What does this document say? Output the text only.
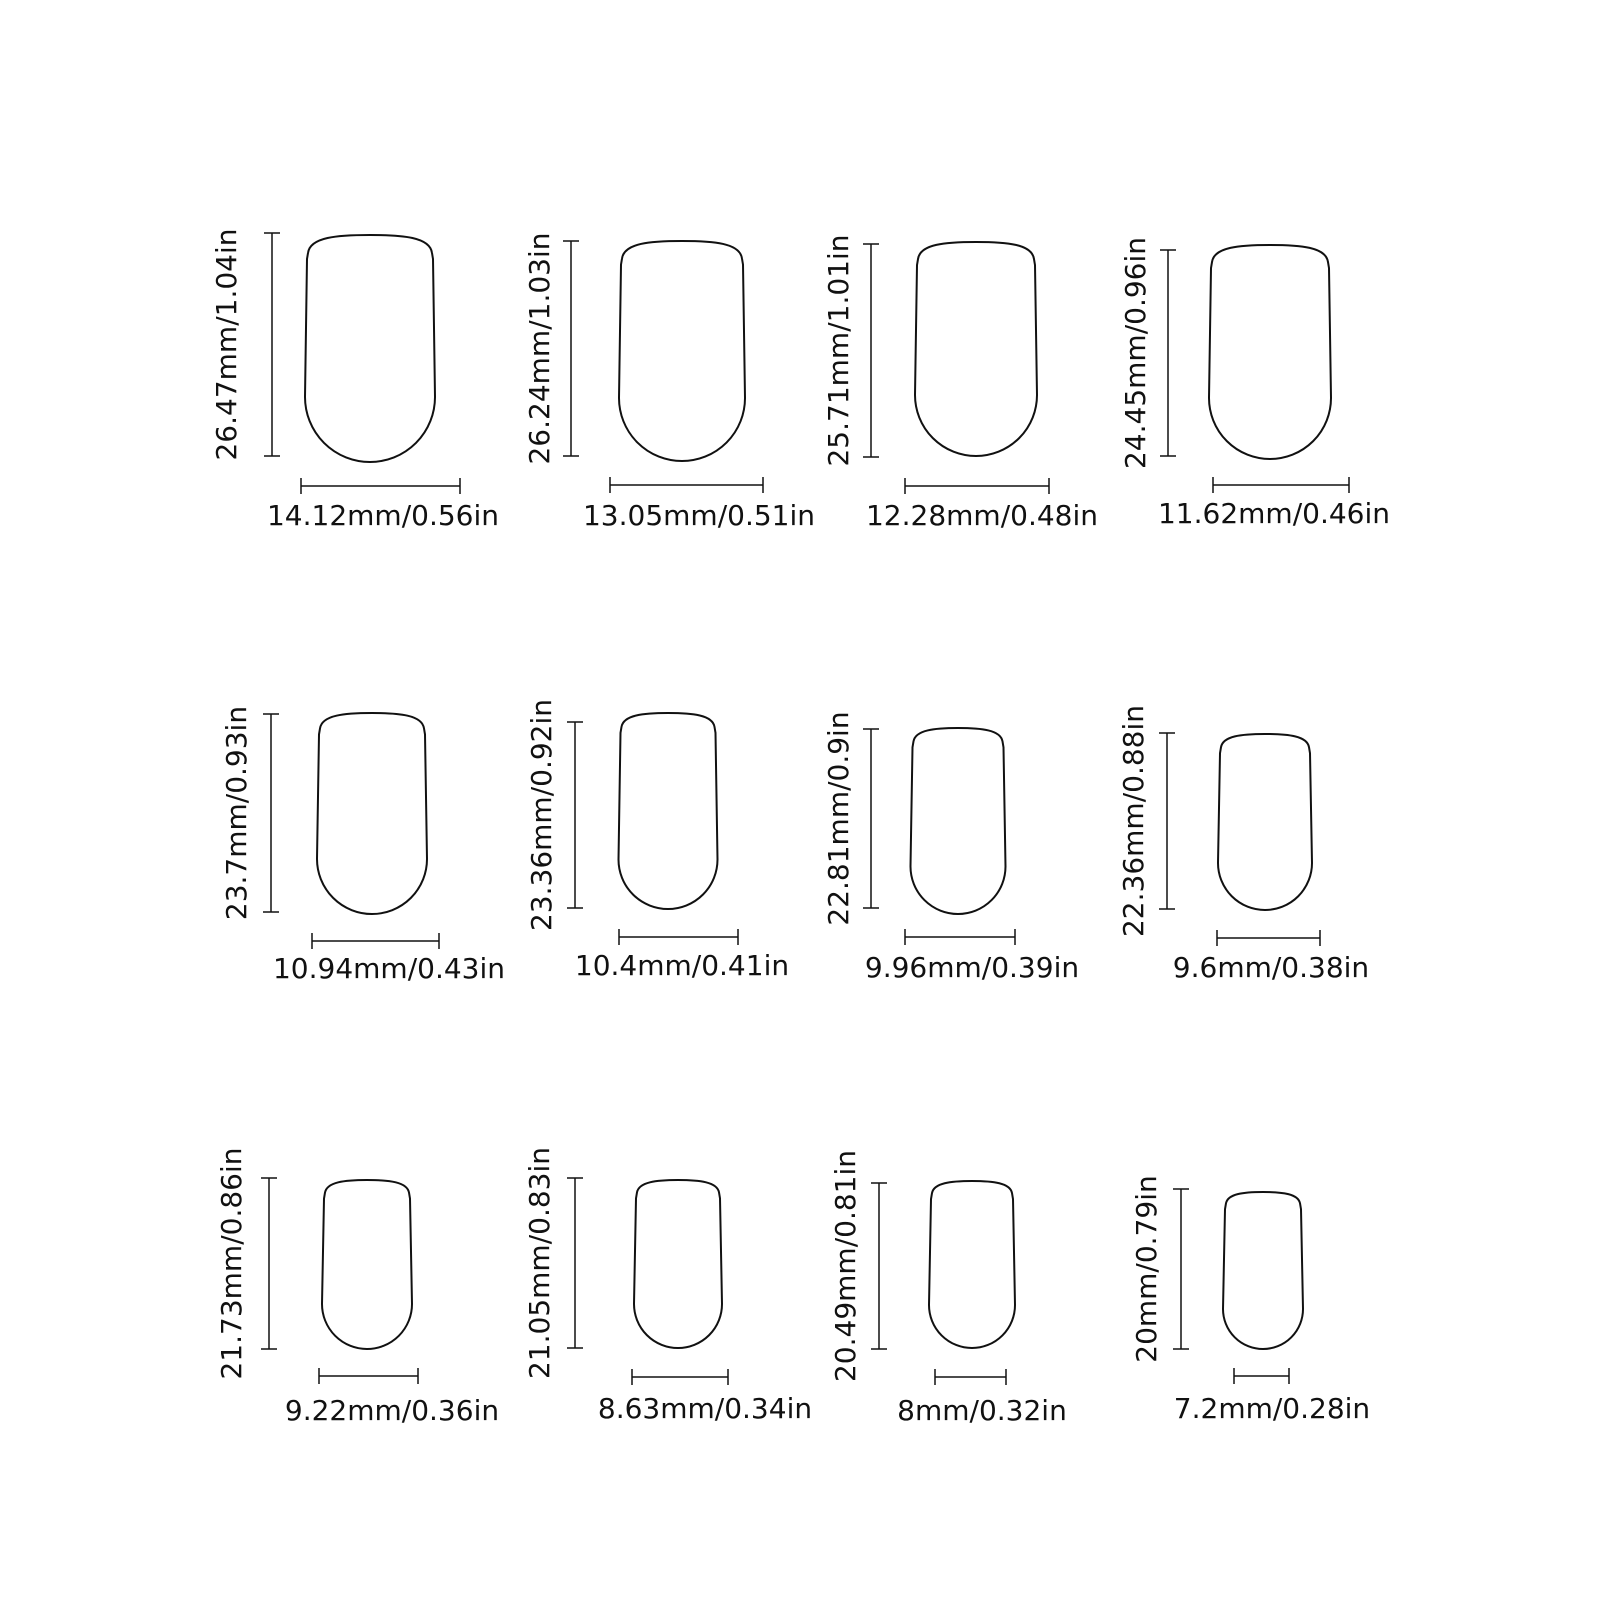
26.47mm/1.04in
14.12mm/0.56in
26.24mm/1.03in
13.05mm/0.51in
25.71mm/1.01in
12.28mm/0.48in
24.45mm/0.96in
11.62mm/0.46in
23.7mm/0.93in
10.94mm/0.43in
23.36mm/0.92in
10.4mm/0.41in
22.81mm/0.9in
9.96mm/0.39in
22.36mm/0.88in
9.6mm/0.38in
21.73mm/0.86in
9.22mm/0.36in
21.05mm/0.83in
8.63mm/0.34in
20.49mm/0.81in
8mm/0.32in
20mm/0.79in
7.2mm/0.28in
